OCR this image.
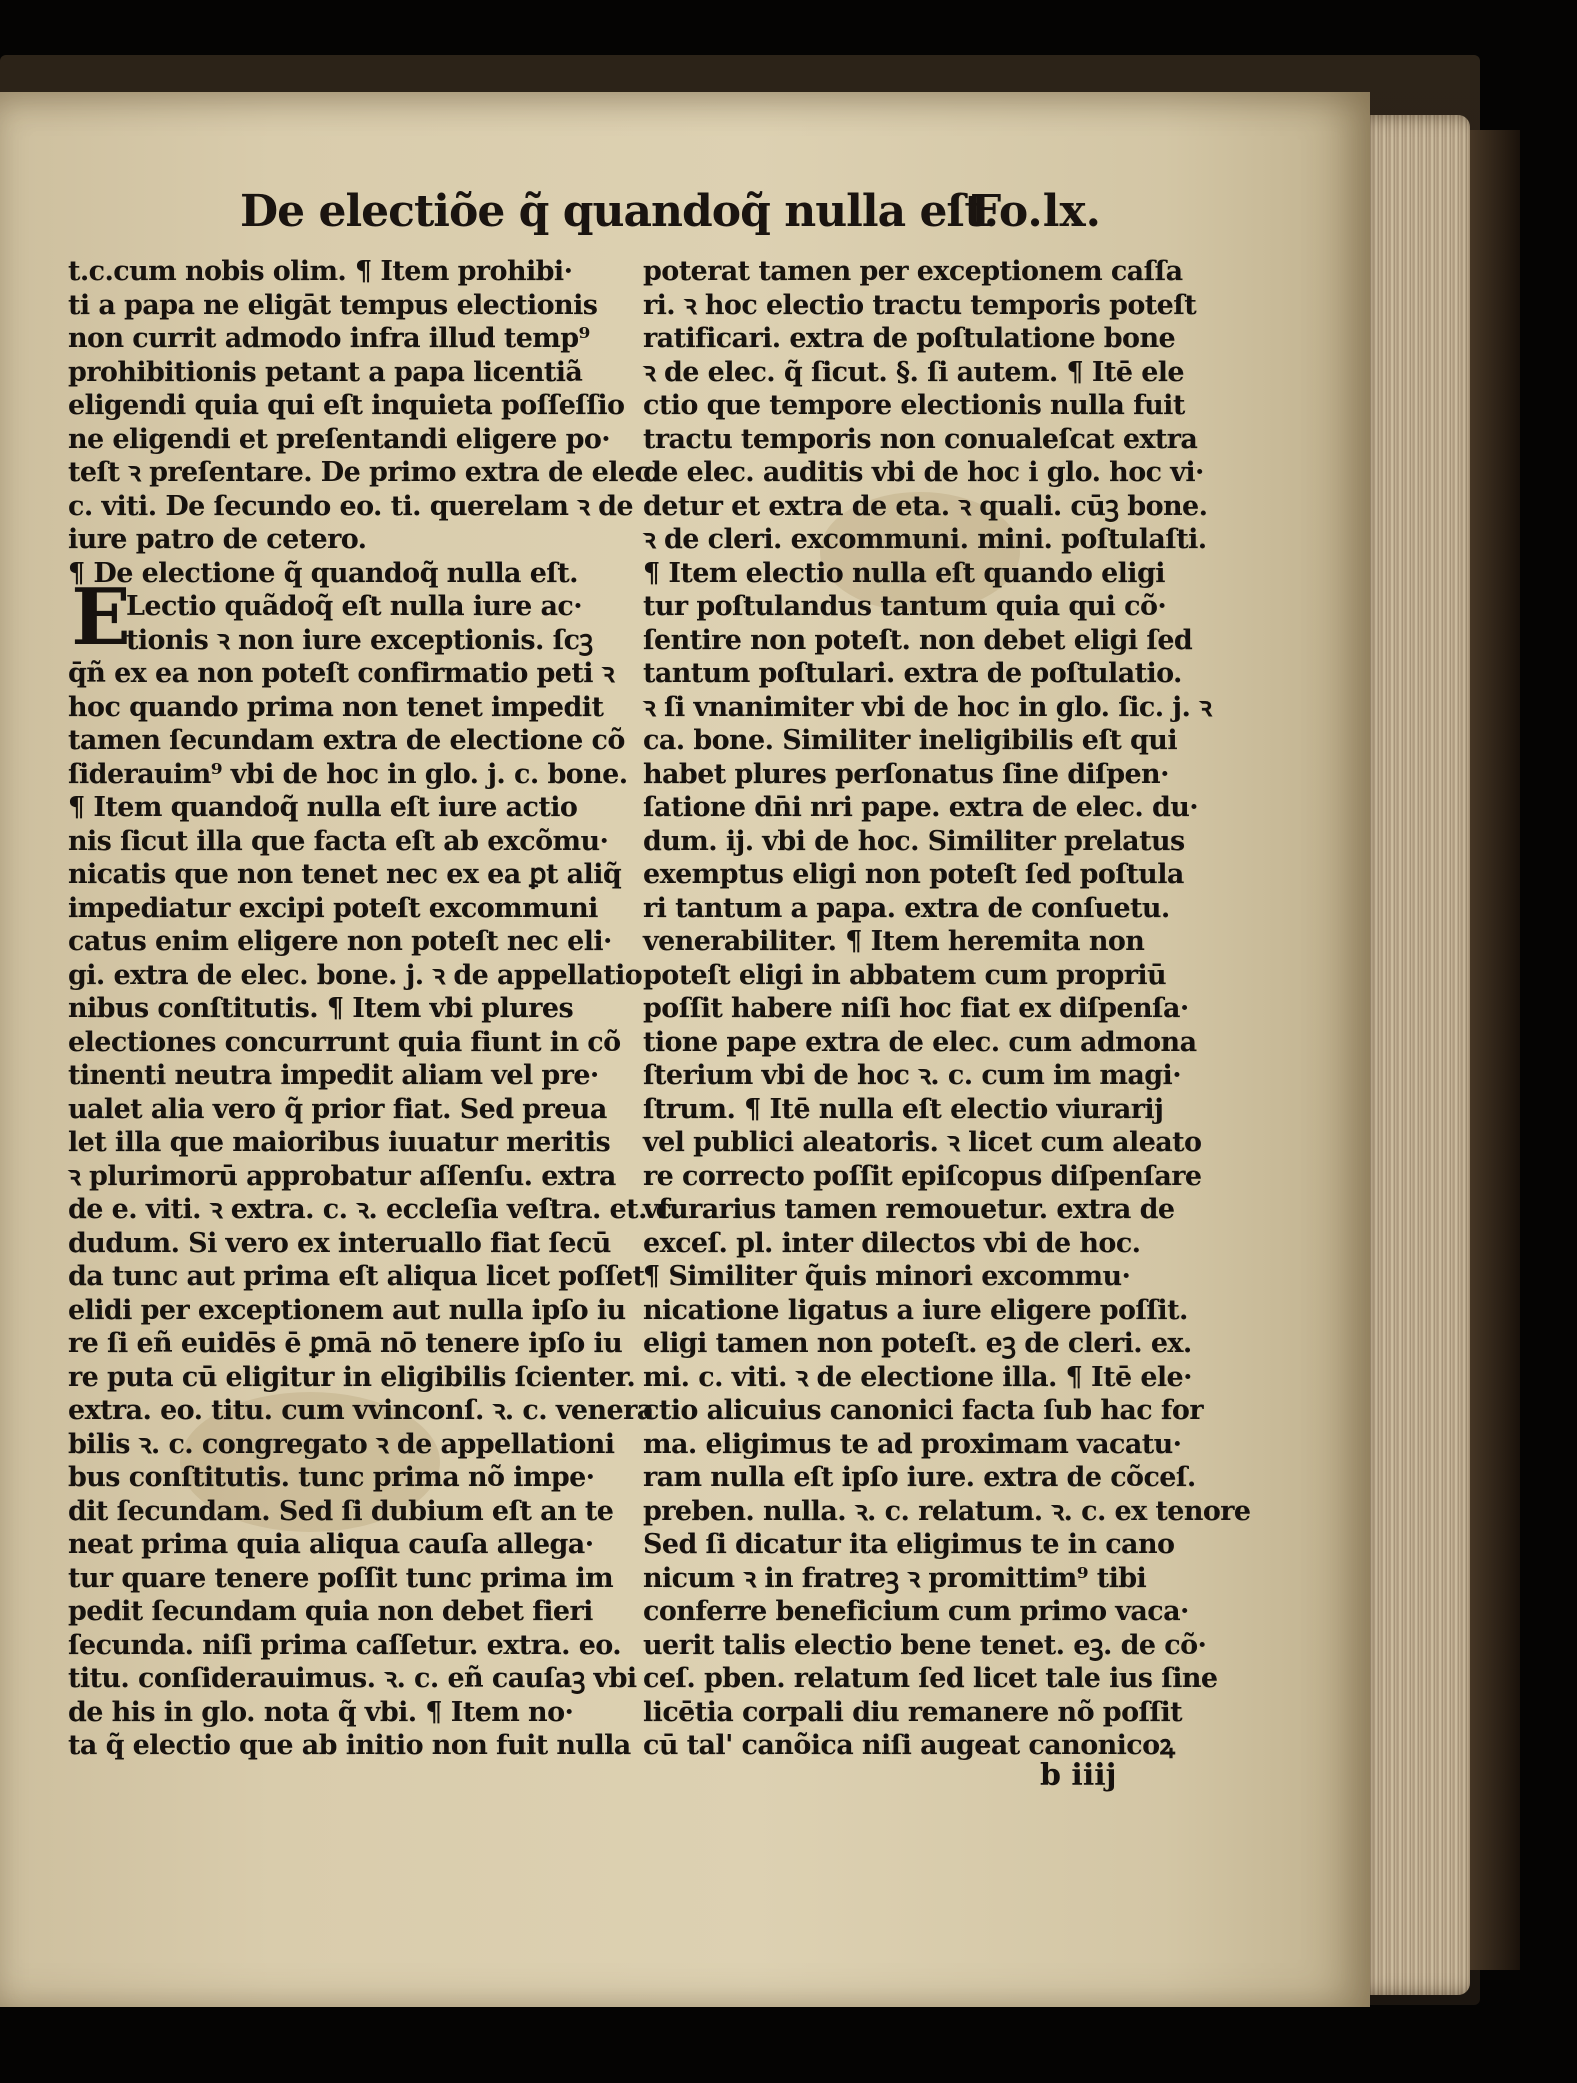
De electiõe q̃ quandoq̃ nulla eſt.
Fo.lx.
E
t.c.cum nobis olim. ¶ Item prohibi·
ti a papa ne eligāt tempus electionis
non currit admodo infra illud temp⁹
prohibitionis petant a papa licentiã
eligendi quia qui eſt inquieta poſſeſſio
ne eligendi et preſentandi eligere po·
teſt ꝛ preſentare. De primo extra de elec.
c. viti. De ſecundo eo. ti. querelam ꝛ de
iure patro de cetero.
¶ De electione q̃ quandoq̃ nulla eſt.
Lectio quãdoq̃ eſt nulla iure ac·
tionis ꝛ non iure exceptionis. ſcꝫ
q̄ñ ex ea non poteſt confirmatio peti ꝛ
hoc quando prima non tenet impedit
tamen ſecundam extra de electione cõ
ſiderauim⁹ vbi de hoc in glo. j. c. bone.
¶ Item quandoq̃ nulla eſt iure actio
nis ſicut illa que facta eſt ab excõmu·
nicatis que non tenet nec ex ea ꝑt aliq̃
impediatur excipi poteſt excommuni
catus enim eligere non poteſt nec eli·
gi. extra de elec. bone. j. ꝛ de appellatio
nibus conſtitutis. ¶ Item vbi plures
electiones concurrunt quia fiunt in cõ
tinenti neutra impedit aliam vel pre·
ualet alia vero q̃ prior fiat. Sed preua
let illa que maioribus iuuatur meritis
ꝛ plurimorū approbatur aſſenſu. extra
de e. viti. ꝛ extra. c. ꝛ. eccleſia veſtra. et. c.
dudum. Si vero ex interuallo fiat ſecū
da tunc aut prima eſt aliqua licet poſſet
elidi per exceptionem aut nulla ipſo iu
re ſi eñ euidēs ē ꝑmā nō tenere ipſo iu
re puta cū eligitur in eligibilis ſcienter.
extra. eo. titu. cum vvinconſ. ꝛ. c. venera
bilis ꝛ. c. congregato ꝛ de appellationi
bus conſtitutis. tunc prima nõ impe·
dit ſecundam. Sed ſi dubium eſt an te
neat prima quia aliqua cauſa allega·
tur quare tenere poſſit tunc prima im
pedit ſecundam quia non debet fieri
ſecunda. niſi prima caſſetur. extra. eo.
titu. conſiderauimus. ꝛ. c. eñ cauſaꝫ vbi
de his in glo. nota q̃ vbi. ¶ Item no·
ta q̃ electio que ab initio non fuit nulla
poterat tamen per exceptionem caſſa
ri. ꝛ hoc electio tractu temporis poteſt
ratificari. extra de poſtulatione bone
ꝛ de elec. q̃ ſicut. §. ſi autem. ¶ Itē ele
ctio que tempore electionis nulla fuit
tractu temporis non conualeſcat extra
de elec. auditis vbi de hoc i glo. hoc vi·
detur et extra de eta. ꝛ quali. cūꝫ bone.
ꝛ de cleri. excommuni. mini. poſtulaſti.
¶ Item electio nulla eſt quando eligi
tur poſtulandus tantum quia qui cõ·
ſentire non poteſt. non debet eligi ſed
tantum poſtulari. extra de poſtulatio.
ꝛ ſi vnanimiter vbi de hoc in glo. ſic. j. ꝛ
ca. bone. Similiter ineligibilis eſt qui
habet plures perſonatus ſine diſpen·
ſatione dn̄i nri pape. extra de elec. du·
dum. ij. vbi de hoc. Similiter prelatus
exemptus eligi non poteſt ſed poſtula
ri tantum a papa. extra de conſuetu.
venerabiliter. ¶ Item heremita non
poteſt eligi in abbatem cum propriū
poſſit habere niſi hoc fiat ex diſpenſa·
tione pape extra de elec. cum admona
ſterium vbi de hoc ꝛ. c. cum im magi·
ſtrum. ¶ Itē nulla eſt electio viurarij
vel publici aleatoris. ꝛ licet cum aleato
re correcto poſſit epiſcopus diſpenſare
vſurarius tamen remouetur. extra de
exceſ. pl. inter dilectos vbi de hoc.
¶ Similiter q̃uis minori excommu·
nicatione ligatus a iure eligere poſſit.
eligi tamen non poteſt. eꝫ de cleri. ex.
mi. c. viti. ꝛ de electione illa. ¶ Itē ele·
ctio alicuius canonici facta ſub hac for
ma. eligimus te ad proximam vacatu·
ram nulla eſt ipſo iure. extra de cõceſ.
preben. nulla. ꝛ. c. relatum. ꝛ. c. ex tenore
Sed ſi dicatur ita eligimus te in cano
nicum ꝛ in fratreꝫ ꝛ promittim⁹ tibi
conferre beneficium cum primo vaca·
uerit talis electio bene tenet. eꝫ. de cõ·
ceſ. pben. relatum ſed licet tale ius ſine
licētia corpali diu remanere nõ poſſit
cū tal' canõica niſi augeat canonicoꝝ
b iiij
